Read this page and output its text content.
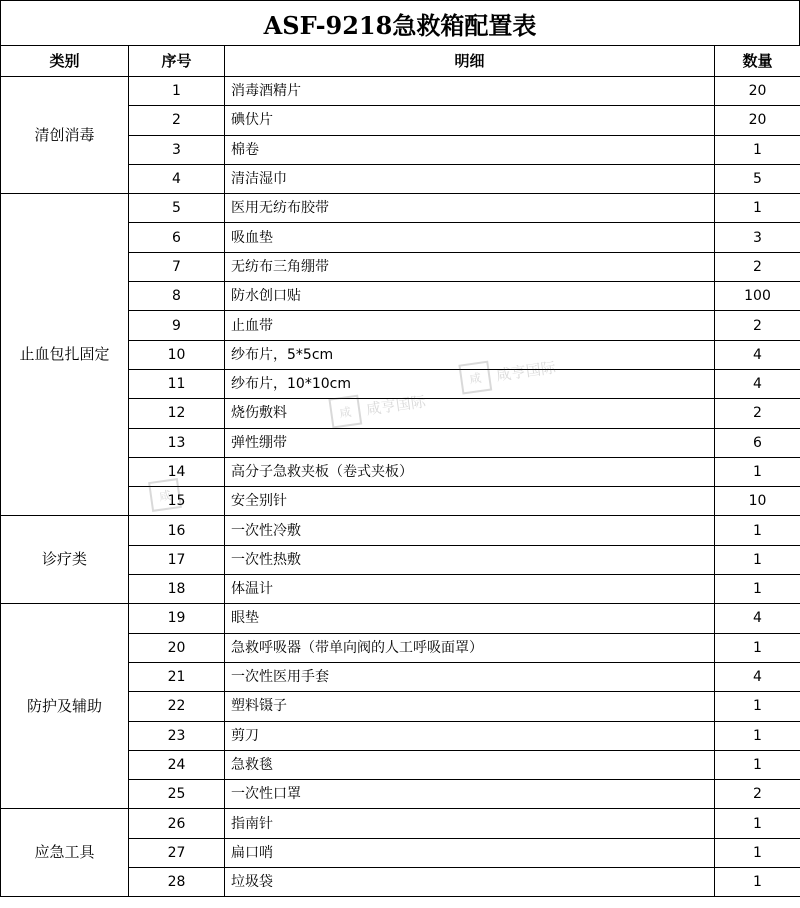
ASF-9218急救箱配置表
类别	序号	明细	数量
清创消毒	1	消毒酒精片	20
	2	碘伏片	20
	3	棉卷	1
	4	清洁湿巾	5
止血包扎固定	5	医用无纺布胶带	1
	6	吸血垫	3
	7	无纺布三角绷带	2
	8	防水创口贴	100
	9	止血带	2
	10	纱布片，5*5cm	4
	11	纱布片，10*10cm	4
	12	烧伤敷料	2
	13	弹性绷带	6
	14	高分子急救夹板（卷式夹板）	1
	15	安全别针	10
诊疗类	16	一次性冷敷	1
	17	一次性热敷	1
	18	体温计	1
防护及辅助	19	眼垫	4
	20	急救呼吸器（带单向阀的人工呼吸面罩）	1
	21	一次性医用手套	4
	22	塑料镊子	1
	23	剪刀	1
	24	急救毯	1
	25	一次性口罩	2
应急工具	26	指南针	1
	27	扁口哨	1
	28	垃圾袋	1
咸 咸亨国际
咸 咸亨国际
咸
